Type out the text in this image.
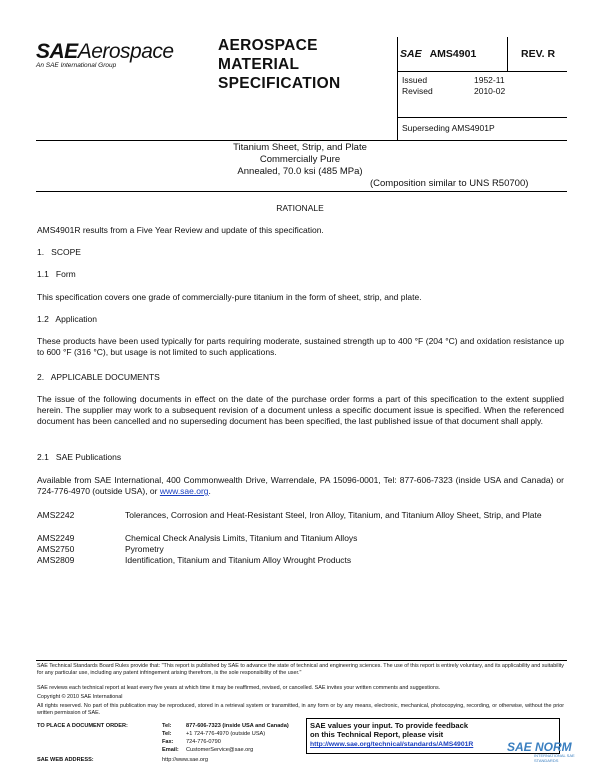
SAEAerospace
An SAE International Group
AEROSPACE
MATERIAL
SPECIFICATION
SAE AMS4901	REV. R
Issued	1952-11
Revised	2010-02
Superseding AMS4901P
Titanium Sheet, Strip, and Plate
Commercially Pure
Annealed, 70.0 ksi (485 MPa)
(Composition similar to UNS R50700)
RATIONALE
AMS4901R results from a Five Year Review and update of this specification.
1.   SCOPE
1.1   Form
This specification covers one grade of commercially-pure titanium in the form of sheet, strip, and plate.
1.2   Application
These products have been used typically for parts requiring moderate, sustained strength up to 400 °F (204 °C) and oxidation resistance up to 600 °F (316 °C), but usage is not limited to such applications.
2.   APPLICABLE DOCUMENTS
The issue of the following documents in effect on the date of the purchase order forms a part of this specification to the extent supplied herein. The supplier may work to a subsequent revision of a document unless a specific document issue is specified. When the referenced document has been cancelled and no superseding document has been specified, the last published issue of that document shall apply.
2.1   SAE Publications
Available from SAE International, 400 Commonwealth Drive, Warrendale, PA 15096-0001, Tel: 877-606-7323 (inside USA and Canada) or 724-776-4970 (outside USA), or www.sae.org.
AMS2242	Tolerances, Corrosion and Heat-Resistant Steel, Iron Alloy, Titanium, and Titanium Alloy Sheet, Strip, and Plate
AMS2249	Chemical Check Analysis Limits, Titanium and Titanium Alloys
AMS2750	Pyrometry
AMS2809	Identification, Titanium and Titanium Alloy Wrought Products
SAE Technical Standards Board Rules provide that: "This report is published by SAE to advance the state of technical and engineering sciences. The use of this report is entirely voluntary, and its applicability and suitability for any particular use, including any patent infringement arising therefrom, is the sole responsibility of the user."
SAE reviews each technical report at least every five years at which time it may be reaffirmed, revised, or cancelled. SAE invites your written comments and suggestions.
Copyright © 2010 SAE International
All rights reserved. No part of this publication may be reproduced, stored in a retrieval system or transmitted, in any form or by any means, electronic, mechanical, photocopying, recording, or otherwise, without the prior written permission of SAE.
TO PLACE A DOCUMENT ORDER:	Tel:	877-606-7323 (inside USA and Canada)
Tel:	+1 724-776-4970 (outside USA)
Fax: 724-776-0790
Email: CustomerService@sae.org
SAE WEB ADDRESS:	http://www.sae.org
SAE values your input. To provide feedback
on this Technical Report, please visit
http://www.sae.org/technical/standards/AMS4901R	SAE NORM
INTERNATIONAL SAE STANDARDS
